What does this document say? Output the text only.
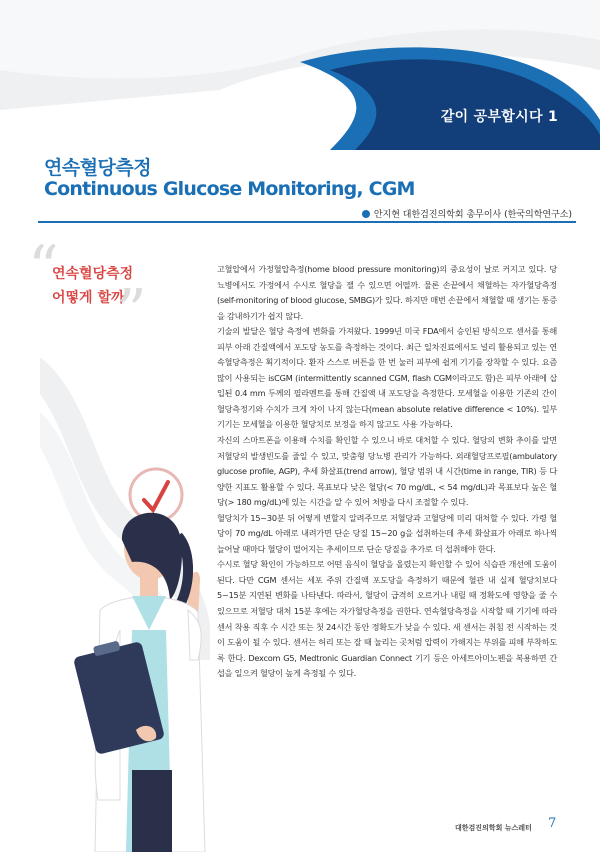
같이 공부합시다 1
연속혈당측정
Continuous Glucose Monitoring, CGM
안지현 대한검진의학회 총무이사 (한국의학연구소)
“
연속혈당측정
어떻게 할까
”

고혈압에서 가정혈압측정(home blood pressure monitoring)의 중요성이 날로 커지고 있다. 당뇨병에서도 가정에서 수시로 혈당을 잴 수 있으면 어떨까. 물론 손끝에서 채혈하는 자가혈당측정(self-monitoring of blood glucose, SMBG)가 있다. 하지만 매번 손끝에서 채혈할 때 생기는 통증을 감내하기가 쉽지 않다.

기술의 발달은 혈당 측정에 변화를 가져왔다. 1999년 미국 FDA에서 승인된 방식으로 센서를 통해 피부 아래 간질액에서 포도당 농도를 측정하는 것이다. 최근 일차진료에서도 널리 활용되고 있는 연속혈당측정은 획기적이다. 환자 스스로 버튼을 한 번 눌러 피부에 쉽게 기기를 장착할 수 있다. 요즘 많이 사용되는 isCGM (intermittently scanned CGM, flash CGM이라고도 함)은 피부 아래에 삽입된 0.4 mm 두께의 필라멘트를 통해 간질액 내 포도당을 측정한다. 모세혈을 이용한 기존의 간이혈당측정기와 수치가 크게 차이 나지 않는다(mean absolute relative difference < 10%). 일부 기기는 모세혈을 이용한 혈당치로 보정을 하지 않고도 사용 가능하다.

자신의 스마트폰을 이용해 수치를 확인할 수 있으니 바로 대처할 수 있다. 혈당의 변화 추이를 알면 저혈당의 발생빈도를 줄일 수 있고, 맞춤형 당뇨병 관리가 가능하다. 외래혈당프로필(ambulatory glucose profile, AGP), 추세 화살표(trend arrow), 혈당 범위 내 시간(time in range, TIR) 등 다양한 지표도 활용할 수 있다. 목표보다 낮은 혈당(< 70 mg/dL, < 54 mg/dL)과 목표보다 높은 혈당(> 180 mg/dL)에 있는 시간을 알 수 있어 처방을 다시 조절할 수 있다.

혈당치가 15~30분 뒤 어떻게 변할지 알려주므로 저혈당과 고혈당에 미리 대처할 수 있다. 가령 혈당이 70 mg/dL 아래로 내려가면 단순 당질 15~20 g을 섭취하는데 추세 화살표가 아래로 하나씩 늘어날 때마다 혈당이 떨어지는 추세이므로 단순 당질을 추가로 더 섭취해야 한다.

수시로 혈당 확인이 가능하므로 어떤 음식이 혈당을 올렸는지 확인할 수 있어 식습관 개선에 도움이 된다. 다만 CGM 센서는 세포 주위 간질액 포도당을 측정하기 때문에 혈관 내 실제 혈당치보다 5~15분 지연된 변화를 나타낸다. 따라서, 혈당이 급격히 오르거나 내릴 때 정확도에 영향을 줄 수 있으므로 저혈당 대처 15분 후에는 자가혈당측정을 권한다. 연속혈당측정을 시작할 때 기기에 따라 센서 착용 직후 수 시간 또는 첫 24시간 동안 정확도가 낮을 수 있다. 새 센서는 취침 전 시작하는 것이 도움이 될 수 있다. 센서는 허리 또는 잘 때 눌리는 곳처럼 압력이 가해지는 부위를 피해 부착하도록 한다. Dexcom G5, Medtronic Guardian Connect 기기 등은 아세트아미노펜을 복용하면 간섭을 일으켜 혈당이 높게 측정될 수 있다.

대한검진의학회 뉴스레터 7
